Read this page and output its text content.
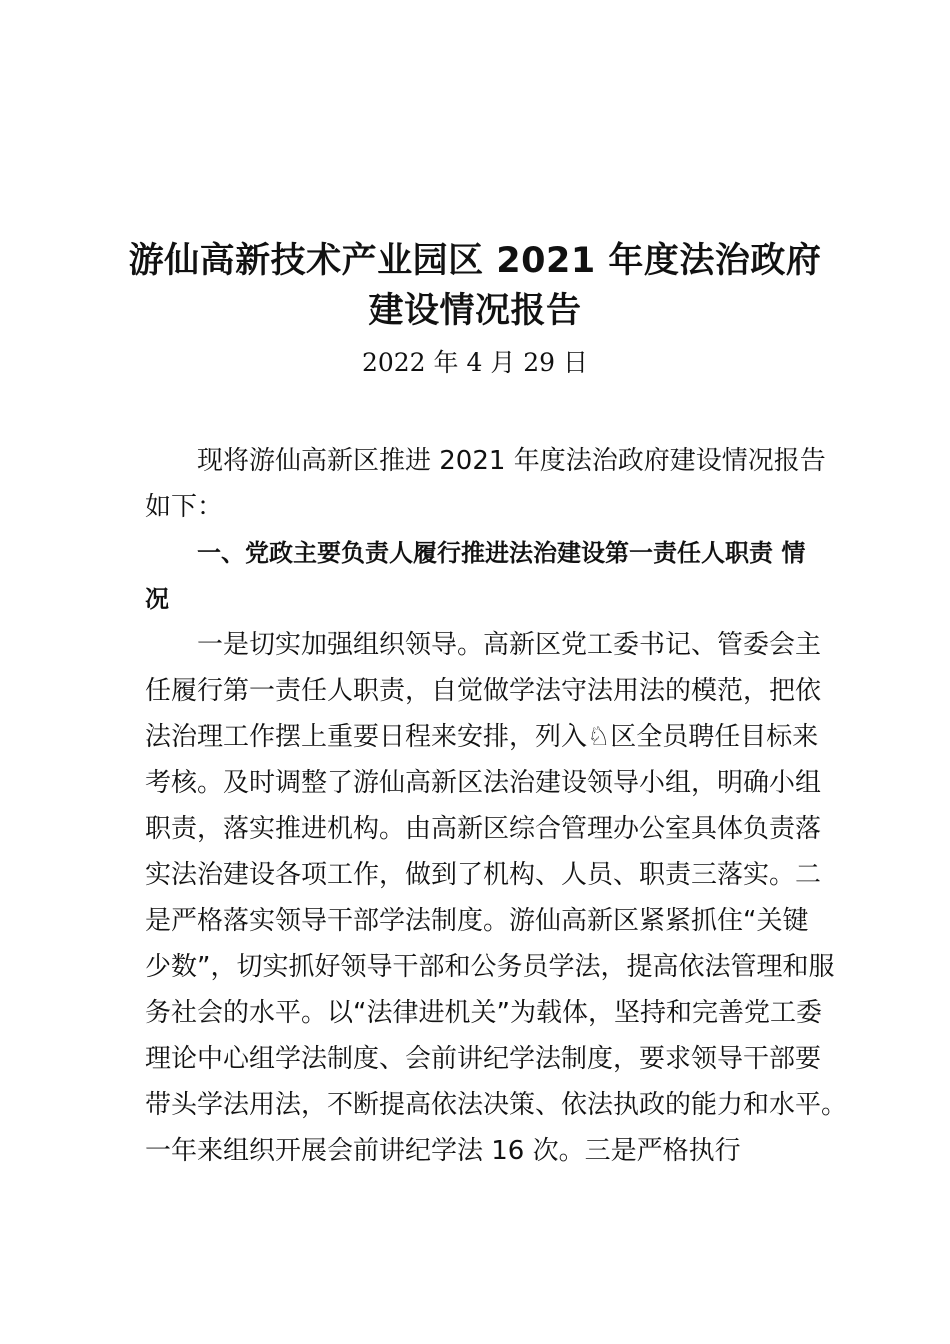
游仙高新技术产业园区 2021 年度法治政府
建设情况报告
2022 年 4 月 29 日
现将游仙高新区推进 2021 年度法治政府建设情况报告
如下：
一、党政主要负责人履行推进法治建设第一责任人职责 情
况
一是切实加强组织领导。高新区党工委书记、管委会主
任履行第一责任人职责，自觉做学法守法用法的模范，把依
法治理工作摆上重要日程来安排，列入♘区全员聘任目标来
考核。及时调整了游仙高新区法治建设领导小组，明确小组
职责，落实推进机构。由高新区综合管理办公室具体负责落
实法治建设各项工作，做到了机构、人员、职责三落实。二
是严格落实领导干部学法制度。游仙高新区紧紧抓住“关键
少数”，切实抓好领导干部和公务员学法，提高依法管理和服
务社会的水平。以“法律进机关”为载体，坚持和完善党工委
理论中心组学法制度、会前讲纪学法制度，要求领导干部要
带头学法用法，不断提高依法决策、依法执政的能力和水平。
一年来组织开展会前讲纪学法 16 次。三是严格执行
